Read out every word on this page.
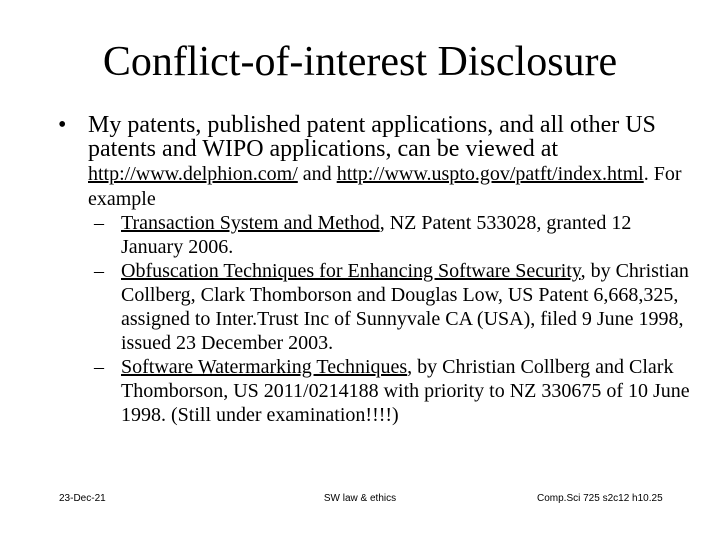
Conflict-of-interest Disclosure
• My patents, published patent applications, and all other US patents and WIPO applications, can be viewed at http://www.delphion.com/ and http://www.uspto.gov/patft/index.html. For example
– Transaction System and Method, NZ Patent 533028, granted 12 January 2006.
– Obfuscation Techniques for Enhancing Software Security, by Christian Collberg, Clark Thomborson and Douglas Low, US Patent 6,668,325, assigned to Inter.Trust Inc of Sunnyvale CA (USA), filed 9 June 1998, issued 23 December 2003.
– Software Watermarking Techniques, by Christian Collberg and Clark Thomborson, US 2011/0214188 with priority to NZ 330675 of 10 June 1998. (Still under examination!!!!)
23-Dec-21	SW law & ethics	Comp.Sci 725 s2c12 h10.25
